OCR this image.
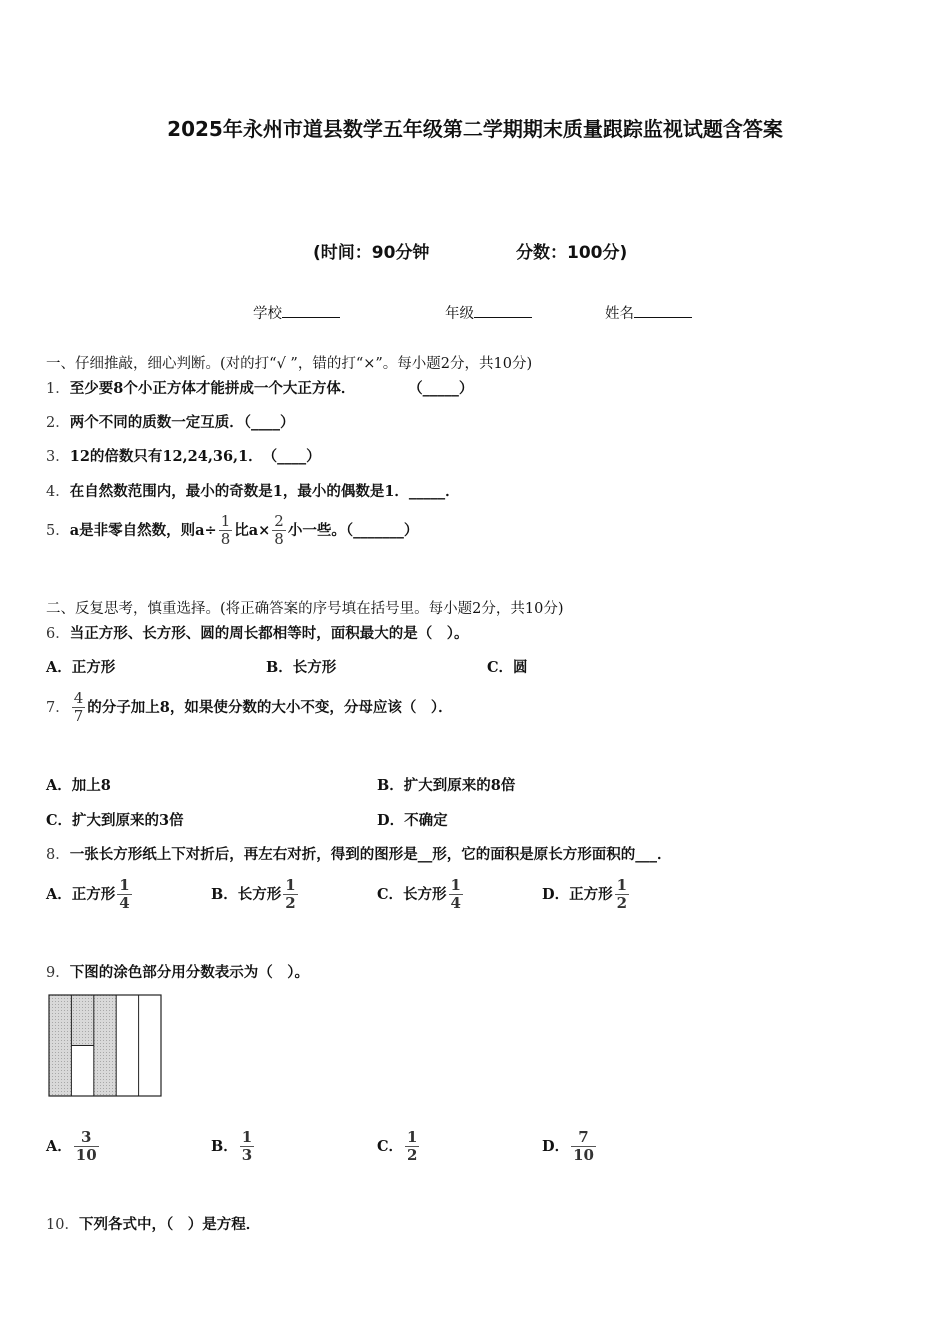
2025年永州市道县数学五年级第二学期期末质量跟踪监视试题含答案
(时间：90分钟	分数：100分)
学校	年级	姓名
一、仔细推敲，细心判断。(对的打“√ ”，错的打“×”。每小题2分，共10分)
1．至少要8个小正方体才能拼成一个大正方体．	（_____）
2．两个不同的质数一定互质．（____）
3．12的倍数只有12,24,36,1．　（____）
4．在自然数范围内，最小的奇数是1，最小的偶数是1．_____．
5．a是非零自然数，则$a\div \frac{1}{8}$ 比$a\times \frac{2}{8}$ 小一些。（_______）
二、反复思考，慎重选择。(将正确答案的序号填在括号里。每小题2分，共10分)
6．当正方形、长方形、圆的周长都相等时，面积最大的是（　）。
A．正方形	B．长方形	C．圆
7． $\frac{4}{7}$ 的分子加上8，如果使分数的大小不变，分母应该（　）．
A．加上8	B．扩大到原来的8倍
C．扩大到原来的3倍	D．不确定
8．一张长方形纸上下对折后，再左右对折，得到的图形是__形，它的面积是原长方形面积的___．
A．正方形 $\frac{1}{4}$	B．长方形 $\frac{1}{2}$	C．长方形 $\frac{1}{4}$	D．正方形 $\frac{1}{2}$
9．下图的涂色部分用分数表示为（　）。
A． $\frac{3}{10}$	B． $\frac{1}{3}$	C． $\frac{1}{2}$	D． $\frac{7}{10}$
10．下列各式中，（　）是方程．
